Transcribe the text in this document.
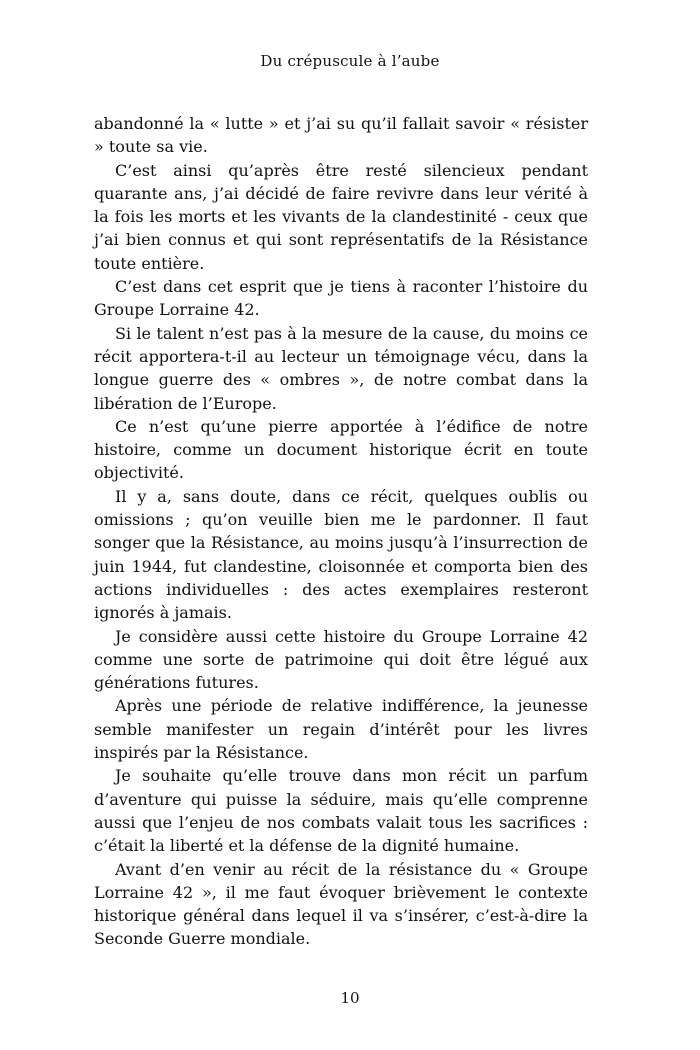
Du crépuscule à l’aube

abandonné la « lutte » et j’ai su qu’il fallait savoir « résister » toute sa vie.

C’est ainsi qu’après être resté silencieux pendant quarante ans, j’ai décidé de faire revivre dans leur vérité à la fois les morts et les vivants de la clandestinité - ceux que j’ai bien connus et qui sont représentatifs de la Résistance toute entière.

C’est dans cet esprit que je tiens à raconter l’histoire du Groupe Lorraine 42.

Si le talent n’est pas à la mesure de la cause, du moins ce récit apportera-t-il au lecteur un témoignage vécu, dans la longue guerre des « ombres », de notre combat dans la libération de l’Europe.

Ce n’est qu’une pierre apportée à l’édifice de notre histoire, comme un document historique écrit en toute objectivité.

Il y a, sans doute, dans ce récit, quelques oublis ou omissions ; qu’on veuille bien me le pardonner. Il faut songer que la Résistance, au moins jusqu’à l’insurrection de juin 1944, fut clandestine, cloisonnée et comporta bien des actions individuelles : des actes exemplaires resteront ignorés à jamais.

Je considère aussi cette histoire du Groupe Lorraine 42 comme une sorte de patrimoine qui doit être légué aux générations futures.

Après une période de relative indifférence, la jeunesse semble manifester un regain d’intérêt pour les livres inspirés par la Résistance.

Je souhaite qu’elle trouve dans mon récit un parfum d’aventure qui puisse la séduire, mais qu’elle comprenne aussi que l’enjeu de nos combats valait tous les sacrifices : c’était la liberté et la défense de la dignité humaine.

Avant d’en venir au récit de la résistance du « Groupe Lorraine 42 », il me faut évoquer brièvement le contexte historique général dans lequel il va s’insérer, c’est-à-dire la Seconde Guerre mondiale.

10
